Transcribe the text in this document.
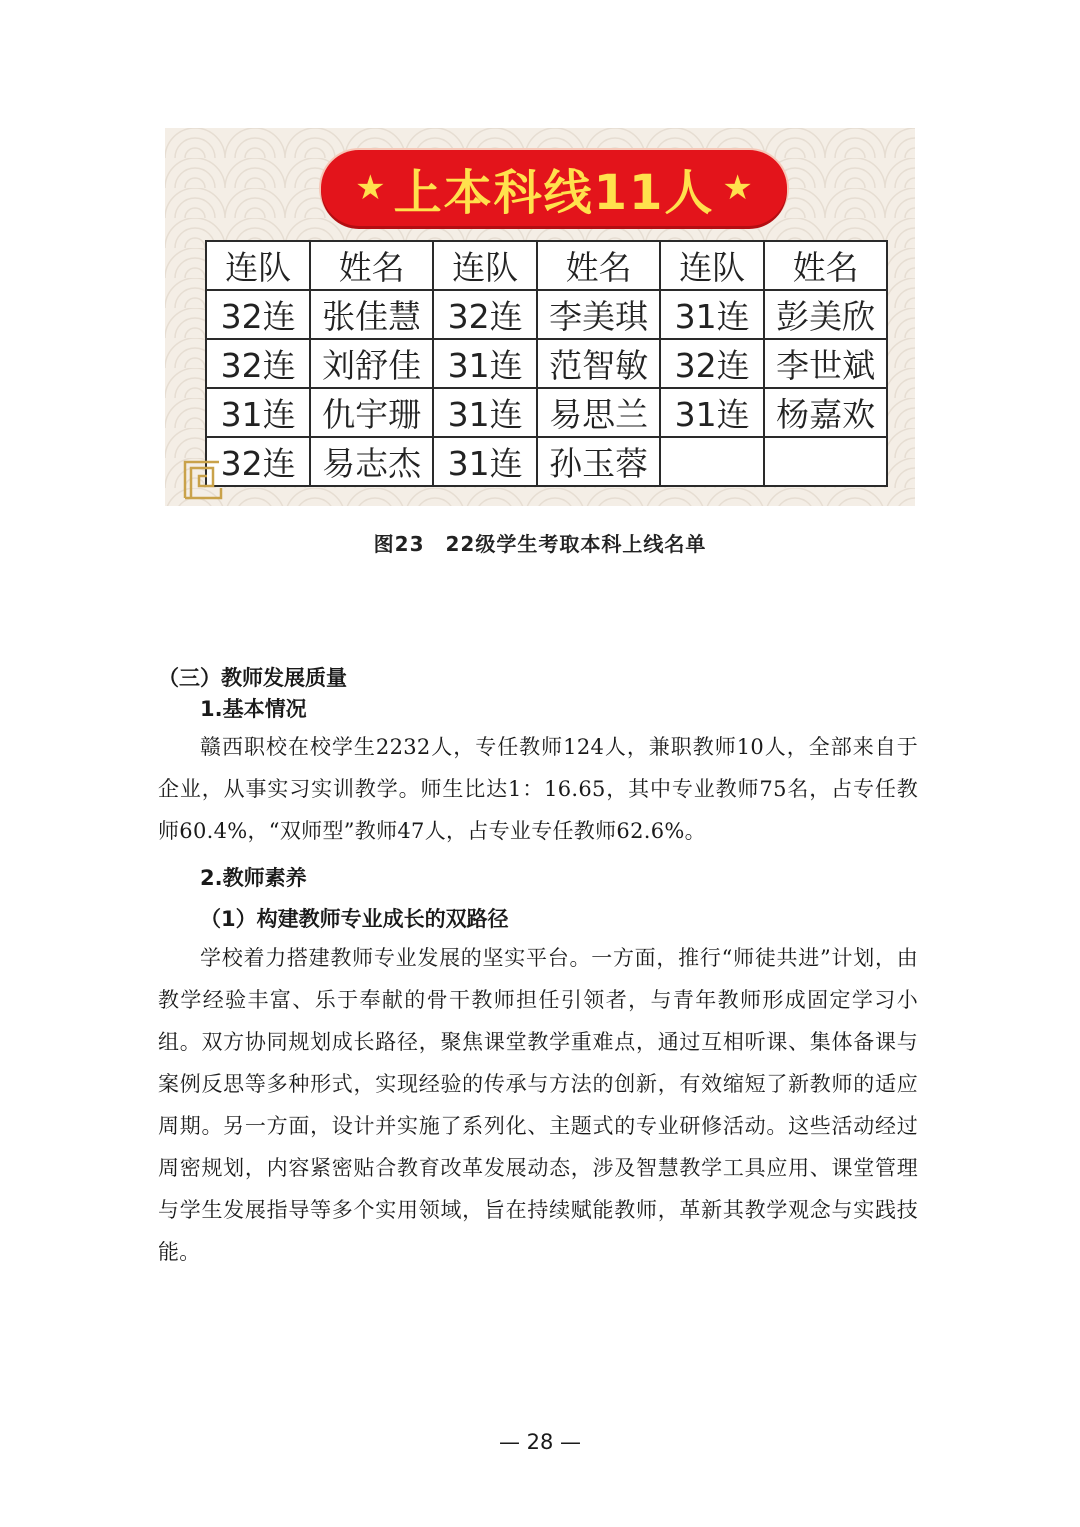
★ 上本科线11人 ★
连队	姓名	连队	姓名	连队	姓名
32连	张佳慧	32连	李美琪	31连	彭美欣
32连	刘舒佳	31连	范智敏	32连	李世斌
31连	仇宇珊	31连	易思兰	31连	杨嘉欢
32连	易志杰	31连	孙玉蓉		
图23　22级学生考取本科上线名单
（三）教师发展质量
1.基本情况
赣西职校在校学生2232人，专任教师124人，兼职教师10人，全部来自于企业，从事实习实训教学。师生比达1：16.65，其中专业教师75名，占专任教师60.4%，“双师型”教师47人，占专业专任教师62.6%。
2.教师素养
（1）构建教师专业成长的双路径
学校着力搭建教师专业发展的坚实平台。一方面，推行“师徒共进”计划，由教学经验丰富、乐于奉献的骨干教师担任引领者，与青年教师形成固定学习小组。双方协同规划成长路径，聚焦课堂教学重难点，通过互相听课、集体备课与案例反思等多种形式，实现经验的传承与方法的创新，有效缩短了新教师的适应周期。另一方面，设计并实施了系列化、主题式的专业研修活动。这些活动经过周密规划，内容紧密贴合教育改革发展动态，涉及智慧教学工具应用、课堂管理与学生发展指导等多个实用领域，旨在持续赋能教师，革新其教学观念与实践技能。
— 28 —
